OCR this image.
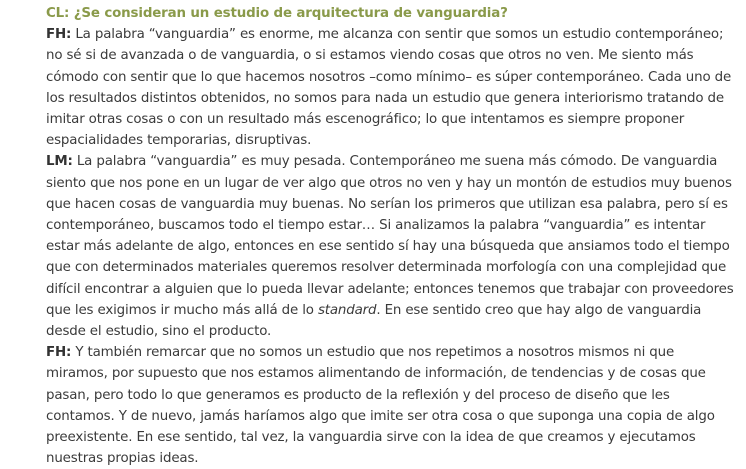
CL: ¿Se consideran un estudio de arquitectura de vanguardia?

FH: La palabra “vanguardia” es enorme, me alcanza con sentir que somos un estudio contemporáneo; no sé si de avanzada o de vanguardia, o si estamos viendo cosas que otros no ven. Me siento más cómodo con sentir que lo que hacemos nosotros –como mínimo– es súper contemporáneo. Cada uno de los resultados distintos obtenidos, no somos para nada un estudio que genera interiorismo tratando de imitar otras cosas o con un resultado más escenográfico; lo que intentamos es siempre proponer espacialidades temporarias, disruptivas.

LM: La palabra “vanguardia” es muy pesada. Contemporáneo me suena más cómodo. De vanguardia siento que nos pone en un lugar de ver algo que otros no ven y hay un montón de estudios muy buenos que hacen cosas de vanguardia muy buenas. No serían los primeros que utilizan esa palabra, pero sí es contemporáneo, buscamos todo el tiempo estar… Si analizamos la palabra “vanguardia” es intentar estar más adelante de algo, entonces en ese sentido sí hay una búsqueda que ansiamos todo el tiempo que con determinados materiales queremos resolver determinada morfología con una complejidad que difícil encontrar a alguien que lo pueda llevar adelante; entonces tenemos que trabajar con proveedores que les exigimos ir mucho más allá de lo standard. En ese sentido creo que hay algo de vanguardia desde el estudio, sino el producto.

FH: Y también remarcar que no somos un estudio que nos repetimos a nosotros mismos ni que miramos, por supuesto que nos estamos alimentando de información, de tendencias y de cosas que pasan, pero todo lo que generamos es producto de la reflexión y del proceso de diseño que les contamos. Y de nuevo, jamás haríamos algo que imite ser otra cosa o que suponga una copia de algo preexistente. En ese sentido, tal vez, la vanguardia sirve con la idea de que creamos y ejecutamos nuestras propias ideas.
